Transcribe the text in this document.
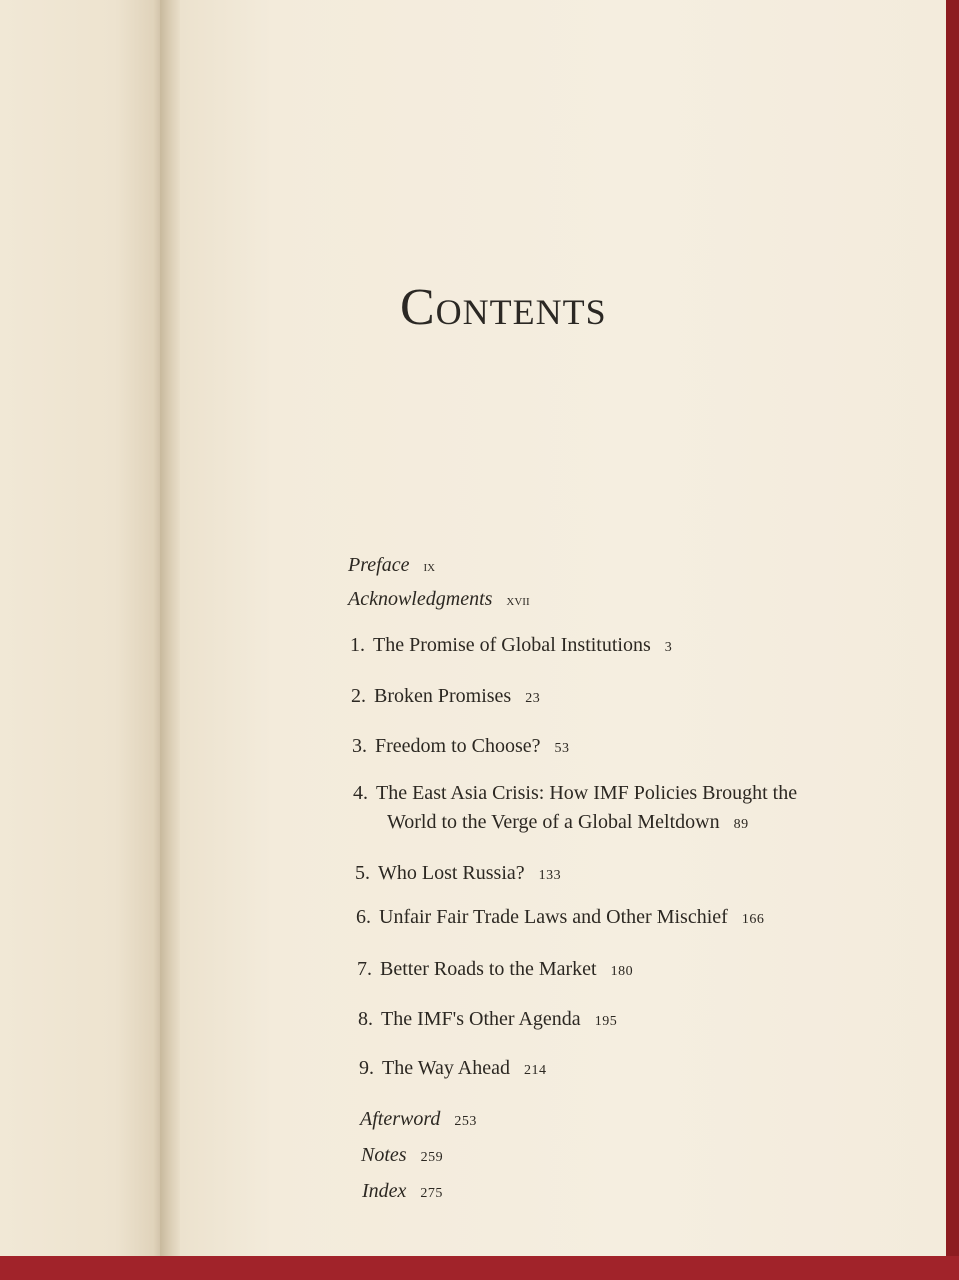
Contents
Preface ix
Acknowledgments xvii
1. The Promise of Global Institutions 3
2. Broken Promises 23
3. Freedom to Choose? 53
4. The East Asia Crisis: How IMF Policies Brought the
World to the Verge of a Global Meltdown 89
5. Who Lost Russia? 133
6. Unfair Fair Trade Laws and Other Mischief 166
7. Better Roads to the Market 180
8. The IMF's Other Agenda 195
9. The Way Ahead 214
Afterword 253
Notes 259
Index 275
